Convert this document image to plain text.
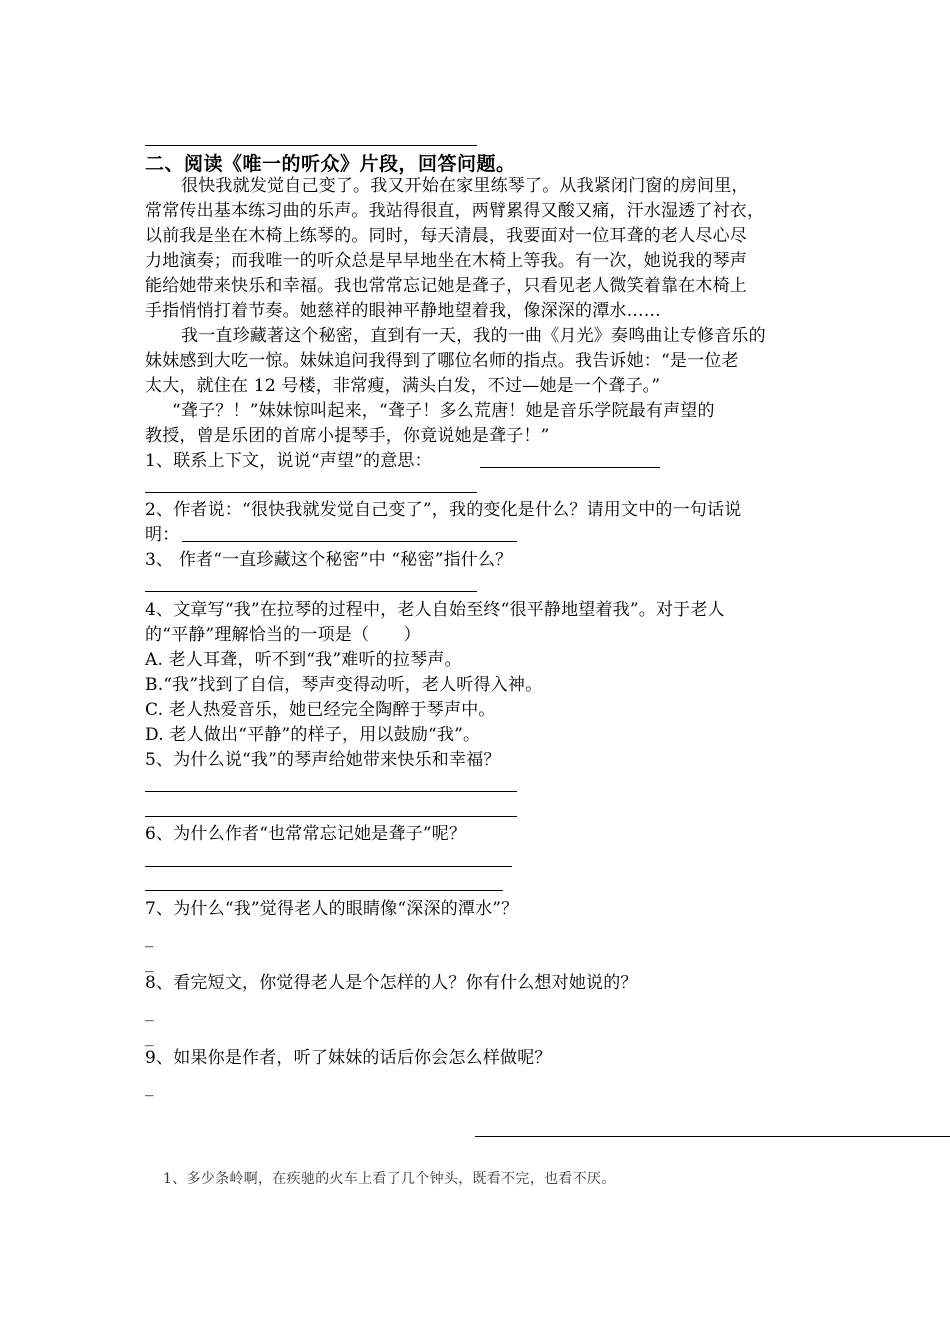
二、阅读《唯一的听众》片段，回答问题。
很快我就发觉自己变了。我又开始在家里练琴了。从我紧闭门窗的房间里，
常常传出基本练习曲的乐声。我站得很直，两臂累得又酸又痛，汗水湿透了衬衣，
以前我是坐在木椅上练琴的。同时，每天清晨，我要面对一位耳聋的老人尽心尽
力地演奏；而我唯一的听众总是早早地坐在木椅上等我。有一次，她说我的琴声
能给她带来快乐和幸福。我也常常忘记她是聋子，只看见老人微笑着靠在木椅上
手指悄悄打着节奏。她慈祥的眼神平静地望着我，像深深的潭水……
我一直珍藏著这个秘密，直到有一天，我的一曲《月光》奏鸣曲让专修音乐的
妹妹感到大吃一惊。妹妹追问我得到了哪位名师的指点。我告诉她：“是一位老
太大，就住在 12 号楼，非常瘦，满头白发，不过—她是一个聋子。”
“聋子？！”妹妹惊叫起来，“聋子！多么荒唐！她是音乐学院最有声望的
教授，曾是乐团的首席小提琴手，你竟说她是聋子！”
1、联系上下文，说说“声望”的意思：
2、作者说：“很快我就发觉自己变了”，我的变化是什么？请用文中的一句话说
明：
3、 作者“一直珍藏这个秘密”中 “秘密”指什么？
4、文章写“我”在拉琴的过程中，老人自始至终“很平静地望着我”。对于老人
的“平静”理解恰当的一项是（　　）
A. 老人耳聋，听不到“我”难听的拉琴声。
B.“我”找到了自信，琴声变得动听，老人听得入神。
C. 老人热爱音乐，她已经完全陶醉于琴声中。
D. 老人做出“平静”的样子，用以鼓励“我”。
5、为什么说“我”的琴声给她带来快乐和幸福？
6、为什么作者“也常常忘记她是聋子”呢？
7、为什么“我”觉得老人的眼睛像“深深的潭水”？
_
_
8、看完短文，你觉得老人是个怎样的人？你有什么想对她说的？
_
_
9、如果你是作者，听了妹妹的话后你会怎么样做呢？
_
1、多少条岭啊，在疾驰的火车上看了几个钟头，既看不完，也看不厌。
